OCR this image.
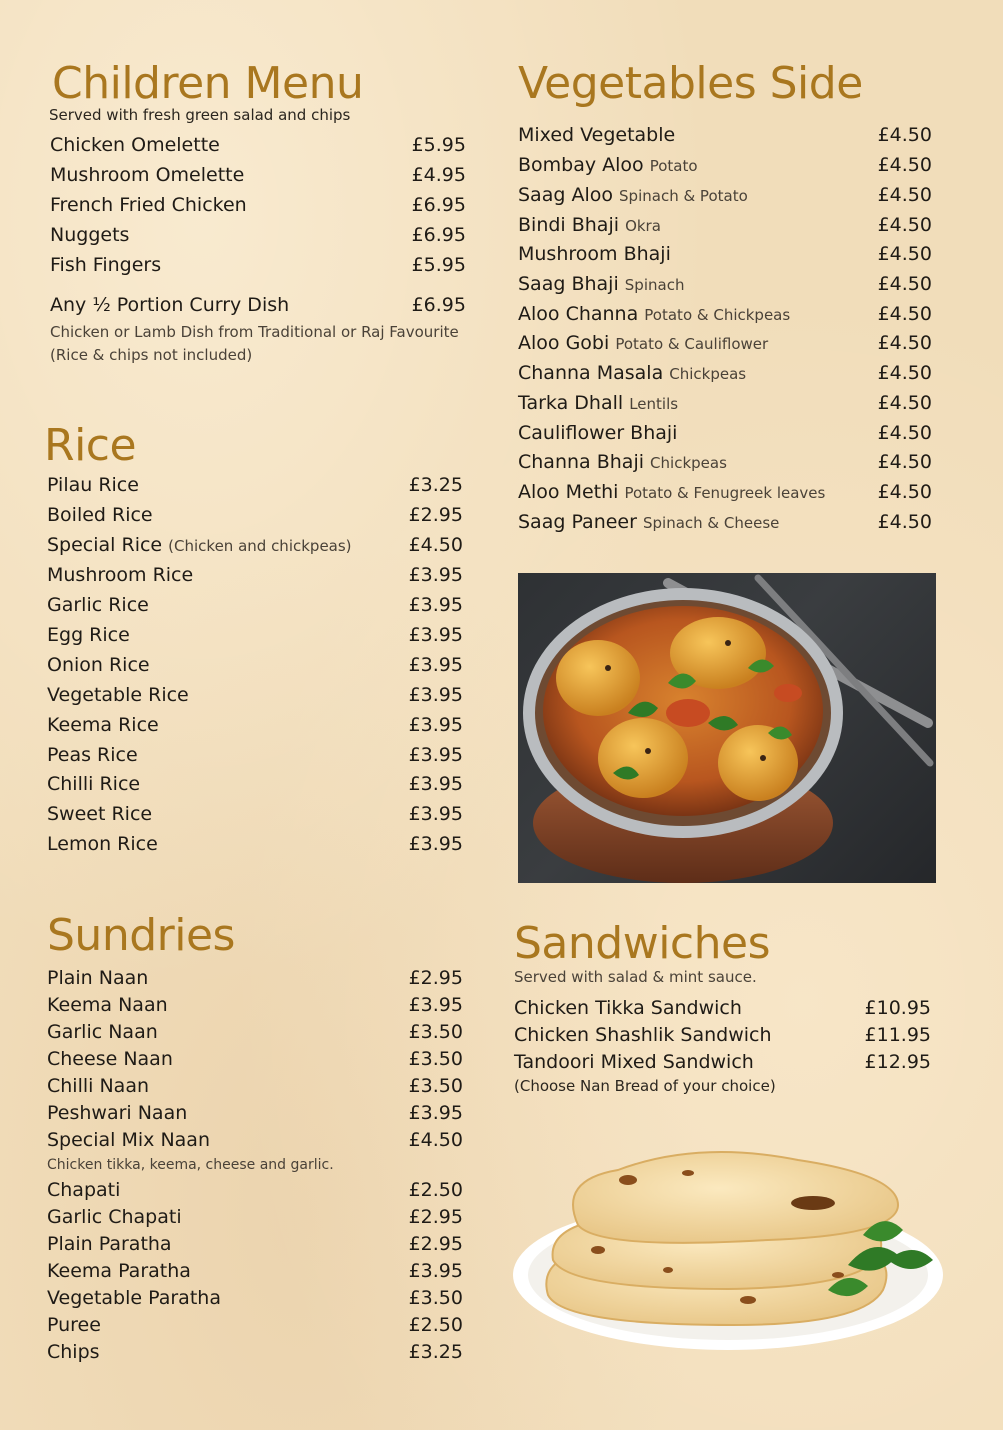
Children Menu
Served with fresh green salad and chips
Chicken Omelette	£5.95
Mushroom Omelette	£4.95
French Fried Chicken	£6.95
Nuggets	£6.95
Fish Fingers	£5.95
Any ½ Portion Curry Dish	£6.95
Chicken or Lamb Dish from Traditional or Raj Favourite
(Rice & chips not included)
Rice
Pilau Rice	£3.25
Boiled Rice	£2.95
Special Rice (Chicken and chickpeas)	£4.50
Mushroom Rice	£3.95
Garlic Rice	£3.95
Egg Rice	£3.95
Onion Rice	£3.95
Vegetable Rice	£3.95
Keema Rice	£3.95
Peas Rice	£3.95
Chilli Rice	£3.95
Sweet Rice	£3.95
Lemon Rice	£3.95
Sundries
Plain Naan	£2.95
Keema Naan	£3.95
Garlic Naan	£3.50
Cheese Naan	£3.50
Chilli Naan	£3.50
Peshwari Naan	£3.95
Special Mix Naan	£4.50
Chicken tikka, keema, cheese and garlic.
Chapati	£2.50
Garlic Chapati	£2.95
Plain Paratha	£2.95
Keema Paratha	£3.95
Vegetable Paratha	£3.50
Puree	£2.50
Chips	£3.25
Vegetables Side
Mixed Vegetable	£4.50
Bombay Aloo Potato	£4.50
Saag Aloo Spinach & Potato	£4.50
Bindi Bhaji Okra	£4.50
Mushroom Bhaji	£4.50
Saag Bhaji Spinach	£4.50
Aloo Channa Potato & Chickpeas	£4.50
Aloo Gobi Potato & Cauliflower	£4.50
Channa Masala Chickpeas	£4.50
Tarka Dhall Lentils	£4.50
Cauliflower Bhaji	£4.50
Channa Bhaji Chickpeas	£4.50
Aloo Methi Potato & Fenugreek leaves	£4.50
Saag Paneer Spinach & Cheese	£4.50
Sandwiches
Served with salad & mint sauce.
Chicken Tikka Sandwich	£10.95
Chicken Shashlik Sandwich	£11.95
Tandoori Mixed Sandwich	£12.95
(Choose Nan Bread of your choice)
